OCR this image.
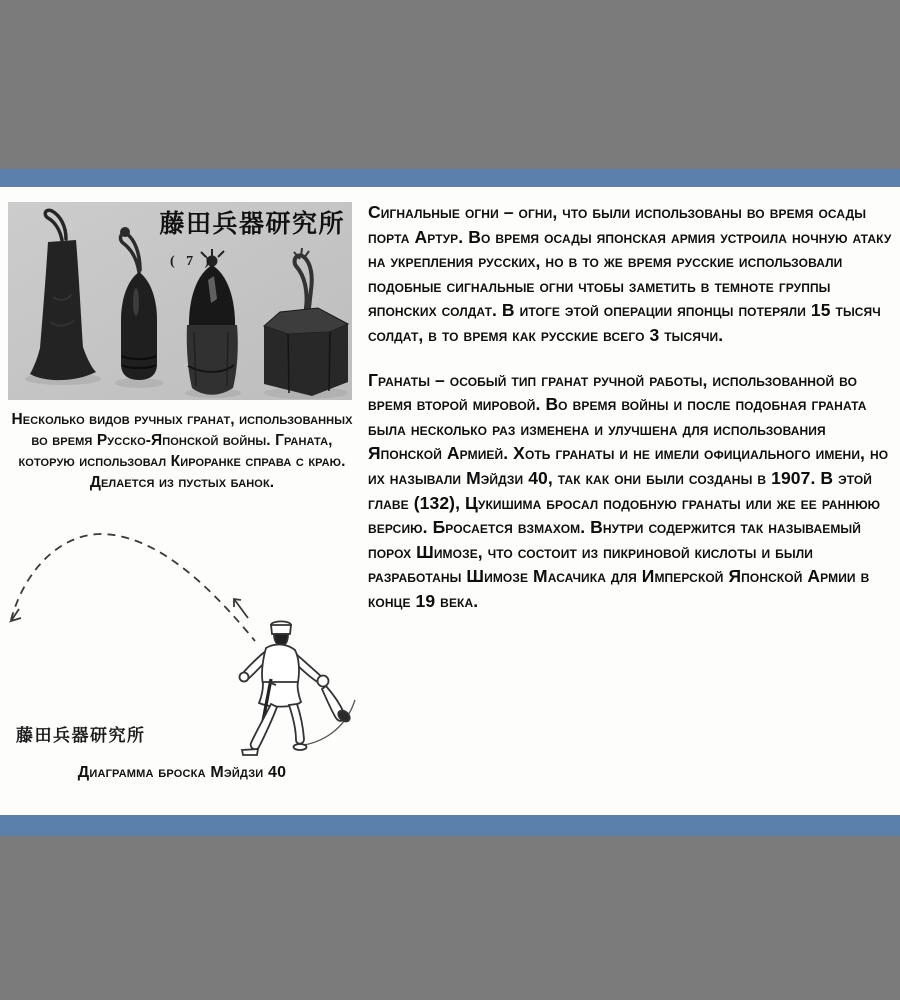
藤田兵器研究所
( 7 )
Несколько видов ручных гранат, использованных во время Русско-Японской войны. Граната, которую использовал Кироранке справа с краю. Делается из пустых банок.
藤田兵器研究所
Диаграмма броска Мэйдзи 40

Сигнальные огни – огни, что были использованы во время осады порта Артур. Во время осады японская армия устроила ночную атаку на укрепления русских, но в то же время русские использовали подобные сигнальные огни чтобы заметить в темноте группы японских солдат. В итоге этой операции японцы потеряли 15 тысяч солдат, в то время как русские всего 3 тысячи.

Гранаты – особый тип гранат ручной работы, использованной во время второй мировой. Во время войны и после подобная граната была несколько раз изменена и улучшена для использования Японской Армией. Хоть гранаты и не имели официального имени, но их называли Мэйдзи 40, так как они были созданы в 1907. В этой главе (132), Цукишима бросал подобную гранаты или же ее раннюю версию. Бросается взмахом. Внутри содержится так называемый порох Шимозе, что состоит из пикриновой кислоты и были разработаны Шимозе Масачика для Имперской Японской Армии в конце 19 века.
